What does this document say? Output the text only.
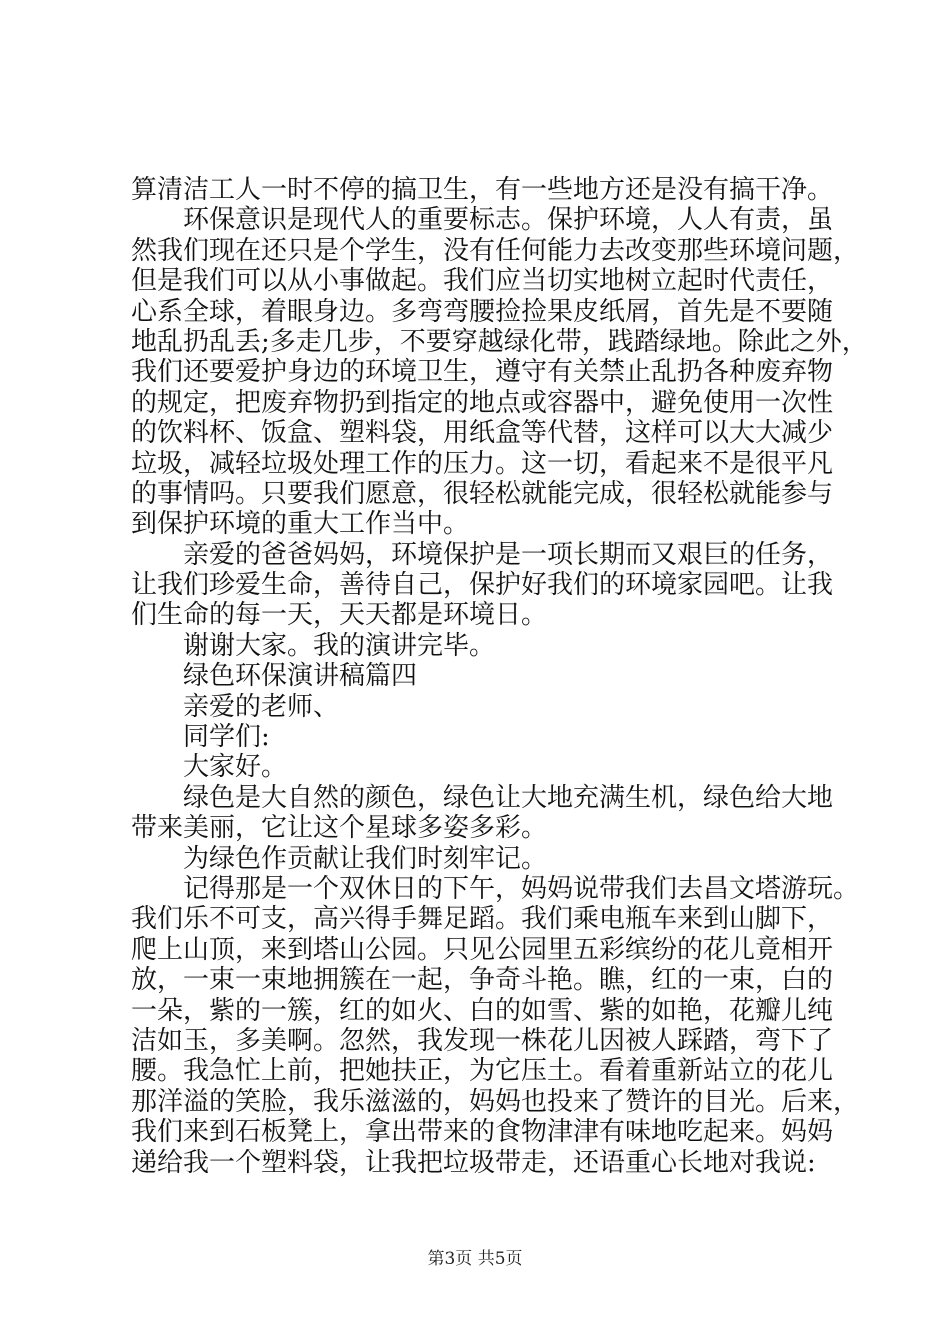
算清洁工人一时不停的搞卫生，有一些地方还是没有搞干净。
环保意识是现代人的重要标志。保护环境，人人有责，虽
然我们现在还只是个学生，没有任何能力去改变那些环境问题，
但是我们可以从小事做起。我们应当切实地树立起时代责任，
心系全球，着眼身边。多弯弯腰捡捡果皮纸屑，首先是不要随
地乱扔乱丢;多走几步，不要穿越绿化带，践踏绿地。除此之外，
我们还要爱护身边的环境卫生，遵守有关禁止乱扔各种废弃物
的规定，把废弃物扔到指定的地点或容器中，避免使用一次性
的饮料杯、饭盒、塑料袋，用纸盒等代替，这样可以大大减少
垃圾，减轻垃圾处理工作的压力。这一切，看起来不是很平凡
的事情吗。只要我们愿意，很轻松就能完成，很轻松就能参与
到保护环境的重大工作当中。
亲爱的爸爸妈妈，环境保护是一项长期而又艰巨的任务，
让我们珍爱生命，善待自己，保护好我们的环境家园吧。让我
们生命的每一天，天天都是环境日。
谢谢大家。我的演讲完毕。
绿色环保演讲稿篇四
亲爱的老师、
同学们:
大家好。
绿色是大自然的颜色，绿色让大地充满生机，绿色给大地
带来美丽，它让这个星球多姿多彩。
为绿色作贡献让我们时刻牢记。
记得那是一个双休日的下午，妈妈说带我们去昌文塔游玩。
我们乐不可支，高兴得手舞足蹈。我们乘电瓶车来到山脚下，
爬上山顶，来到塔山公园。只见公园里五彩缤纷的花儿竟相开
放，一束一束地拥簇在一起，争奇斗艳。瞧，红的一束，白的
一朵，紫的一簇，红的如火、白的如雪、紫的如艳，花瓣儿纯
洁如玉，多美啊。忽然，我发现一株花儿因被人踩踏，弯下了
腰。我急忙上前，把她扶正，为它压土。看着重新站立的花儿
那洋溢的笑脸，我乐滋滋的，妈妈也投来了赞许的目光。后来，
我们来到石板凳上，拿出带来的食物津津有味地吃起来。妈妈
递给我一个塑料袋，让我把垃圾带走，还语重心长地对我说:
第3页 共5页
